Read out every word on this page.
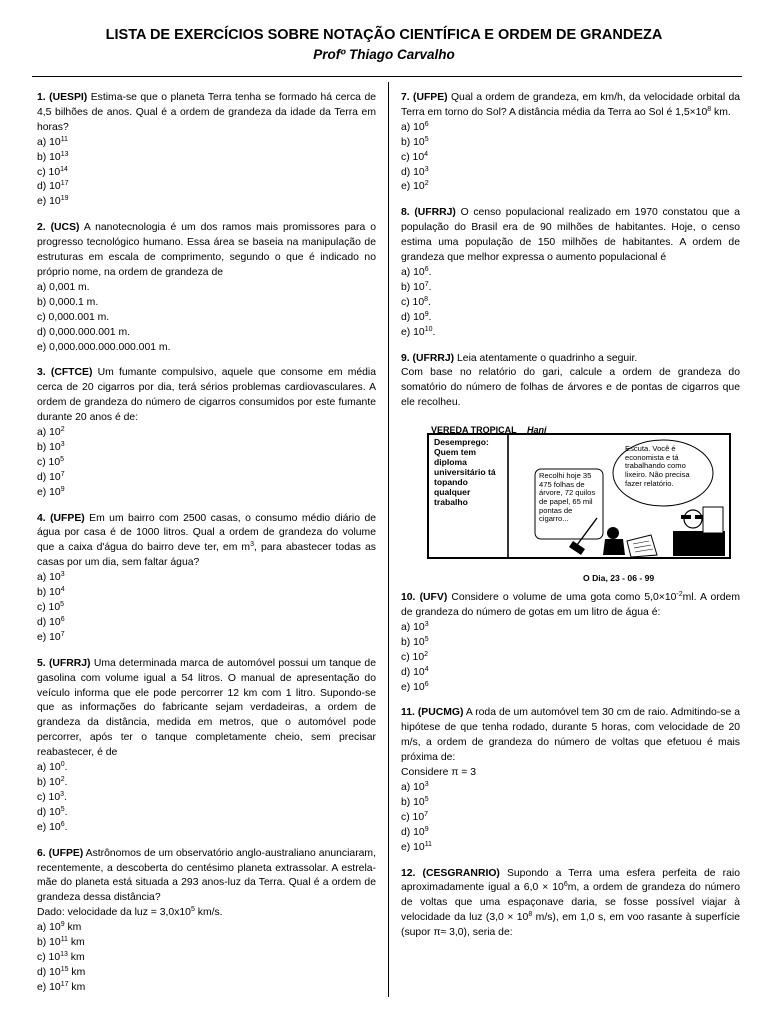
LISTA DE EXERCÍCIOS SOBRE NOTAÇÃO CIENTÍFICA E ORDEM DE GRANDEZA
Profº Thiago Carvalho
1. (UESPI) Estima-se que o planeta Terra tenha se formado há cerca de 4,5 bilhões de anos. Qual é a ordem de grandeza da idade da Terra em horas?
a) $10^{11}$
b) $10^{13}$
c) $10^{14}$
d) $10^{17}$
e) $10^{19}$
2. (UCS) A nanotecnologia é um dos ramos mais promissores para o progresso tecnológico humano. Essa área se baseia na manipulação de estruturas em escala de comprimento, segundo o que é indicado no próprio nome, na ordem de grandeza de
a) 0,001 m.
b) 0,000.1 m.
c) 0,000.001 m.
d) 0,000.000.001 m.
e) 0,000.000.000.000.001 m.
3. (CFTCE) Um fumante compulsivo, aquele que consome em média cerca de 20 cigarros por dia, terá sérios problemas cardiovasculares. A ordem de grandeza do número de cigarros consumidos por este fumante durante 20 anos é de:
a) $10^2$
b) $10^3$
c) $10^5$
d) $10^7$
e) $10^9$
4. (UFPE) Em um bairro com 2500 casas, o consumo médio diário de água por casa é de 1000 litros. Qual a ordem de grandeza do volume que a caixa d'água do bairro deve ter, em $m^3$, para abastecer todas as casas por um dia, sem faltar água?
a) $10^3$
b) $10^4$
c) $10^5$
d) $10^6$
e) $10^7$
5. (UFRRJ) Uma determinada marca de automóvel possui um tanque de gasolina com volume igual a 54 litros. O manual de apresentação do veículo informa que ele pode percorrer 12 km com 1 litro. Supondo-se que as informações do fabricante sejam verdadeiras, a ordem de grandeza da distância, medida em metros, que o automóvel pode percorrer, após ter o tanque completamente cheio, sem precisar reabastecer, é de
a) $10^0$.
b) $10^2$.
c) $10^3$.
d) $10^5$.
e) $10^6$.
6. (UFPE) Astrônomos de um observatório anglo-australiano anunciaram, recentemente, a descoberta do centésimo planeta extrassolar. A estrela-mãe do planeta está situada a 293 anos-luz da Terra. Qual é a ordem de grandeza dessa distância?
Dado: velocidade da luz = $3,0x10^5$ km/s.
a) $10^9$ km
b) $10^{11}$ km
c) $10^{13}$ km
d) $10^{15}$ km
e) $10^{17}$ km
7. (UFPE) Qual a ordem de grandeza, em km/h, da velocidade orbital da Terra em torno do Sol? A distância média da Terra ao Sol é $1,5\times 10^8$ km.
a) $10^6$
b) $10^5$
c) $10^4$
d) $10^3$
e) $10^2$
8. (UFRRJ) O censo populacional realizado em 1970 constatou que a população do Brasil era de 90 milhões de habitantes. Hoje, o censo estima uma população de 150 milhões de habitantes. A ordem de grandeza que melhor expressa o aumento populacional é
a) $10^6$.
b) $10^7$.
c) $10^8$.
d) $10^9$.
e) $10^{10}$.
9. (UFRRJ) Leia atentamente o quadrinho a seguir.
Com base no relatório do gari, calcule a ordem de grandeza do somatório do número de folhas de árvores e de pontas de cigarros que ele recolheu.
VEREDA TROPICAL Hani
Desemprego: Quem tem diploma universitário tá topando qualquer trabalho
Recolhi hoje 35 475 folhas de árvore, 72 quilos de papel, 65 mil pontas de cigarro...
Escuta. Você é economista e tá trabalhando como lixeiro. Não precisa fazer relatório.
O Dia, 23 - 06 - 99
10. (UFV) Considere o volume de uma gota como $5,0\times 10^{-2}ml$. A ordem de grandeza do número de gotas em um litro de água é:
a) $10^3$
b) $10^5$
c) $10^2$
d) $10^4$
e) $10^6$
11. (PUCMG) A roda de um automóvel tem 30 cm de raio. Admitindo-se a hipótese de que tenha rodado, durante 5 horas, com velocidade de 20 m/s, a ordem de grandeza do número de voltas que efetuou é mais próxima de:
Considere π = 3
a) $10^3$
b) $10^5$
c) $10^7$
d) $10^9$
e) $10^{11}$
12. (CESGRANRIO) Supondo a Terra uma esfera perfeita de raio aproximadamente igual a $6,0 \times 10^6m$, a ordem de grandeza do número de voltas que uma espaçonave daria, se fosse possível viajar à velocidade da luz ($3,0 \times 10^8$ m/s), em 1,0 s, em voo rasante à superfície (supor π≈ 3,0), seria de:
